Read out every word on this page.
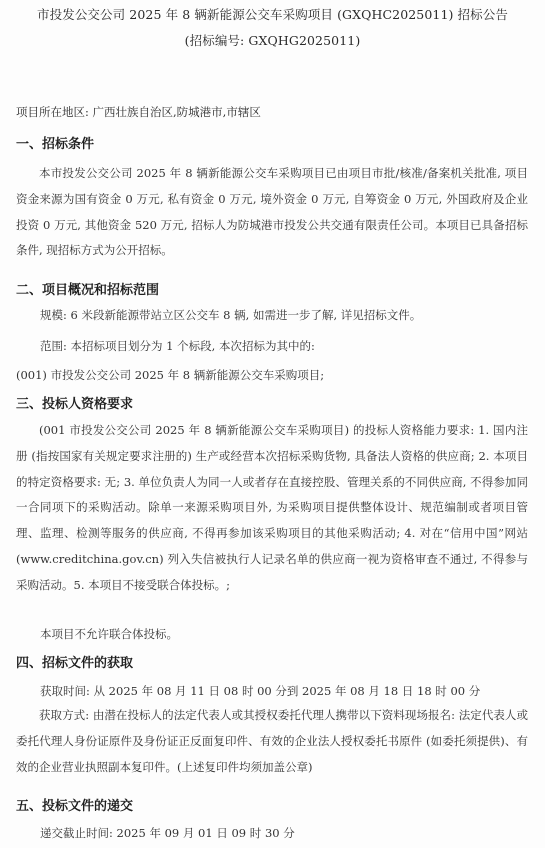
市投发公交公司 2025 年 8 辆新能源公交车采购项目 (GXQHC2025011) 招标公告
(招标编号: GXQHG2025011)
项目所在地区: 广西壮族自治区,防城港市,市辖区
一、招标条件
本市投发公交公司 2025 年 8 辆新能源公交车采购项目已由项目市批/核准/备案机关批准, 项目资金来源为国有资金 0 万元, 私有资金 0 万元, 境外资金 0 万元, 自筹资金 0 万元, 外国政府及企业投资 0 万元, 其他资金 520 万元, 招标人为防城港市投发公共交通有限责任公司。本项目已具备招标条件, 现招标方式为公开招标。
二、项目概况和招标范围
规模: 6 米段新能源带站立区公交车 8 辆, 如需进一步了解, 详见招标文件。
范围: 本招标项目划分为 1 个标段, 本次招标为其中的:
(001) 市投发公交公司 2025 年 8 辆新能源公交车采购项目;
三、投标人资格要求
(001 市投发公交公司 2025 年 8 辆新能源公交车采购项目) 的投标人资格能力要求: 1. 国内注册 (指按国家有关规定要求注册的) 生产或经营本次招标采购货物, 具备法人资格的供应商; 2. 本项目的特定资格要求: 无; 3. 单位负责人为同一人或者存在直接控股、管理关系的不同供应商, 不得参加同一合同项下的采购活动。除单一来源采购项目外, 为采购项目提供整体设计、规范编制或者项目管理、监理、检测等服务的供应商, 不得再参加该采购项目的其他采购活动; 4. 对在“信用中国”网站 (www.creditchina.gov.cn) 列入失信被执行人记录名单的供应商一视为资格审查不通过, 不得参与采购活动。5. 本项目不接受联合体投标。;
本项目不允许联合体投标。
四、招标文件的获取
获取时间: 从 2025 年 08 月 11 日 08 时 00 分到 2025 年 08 月 18 日 18 时 00 分
获取方式: 由潜在投标人的法定代表人或其授权委托代理人携带以下资料现场报名: 法定代表人或委托代理人身份证原件及身份证正反面复印件、有效的企业法人授权委托书原件 (如委托须提供)、有效的企业营业执照副本复印件。(上述复印件均须加盖公章)
五、投标文件的递交
递交截止时间: 2025 年 09 月 01 日 09 时 30 分
